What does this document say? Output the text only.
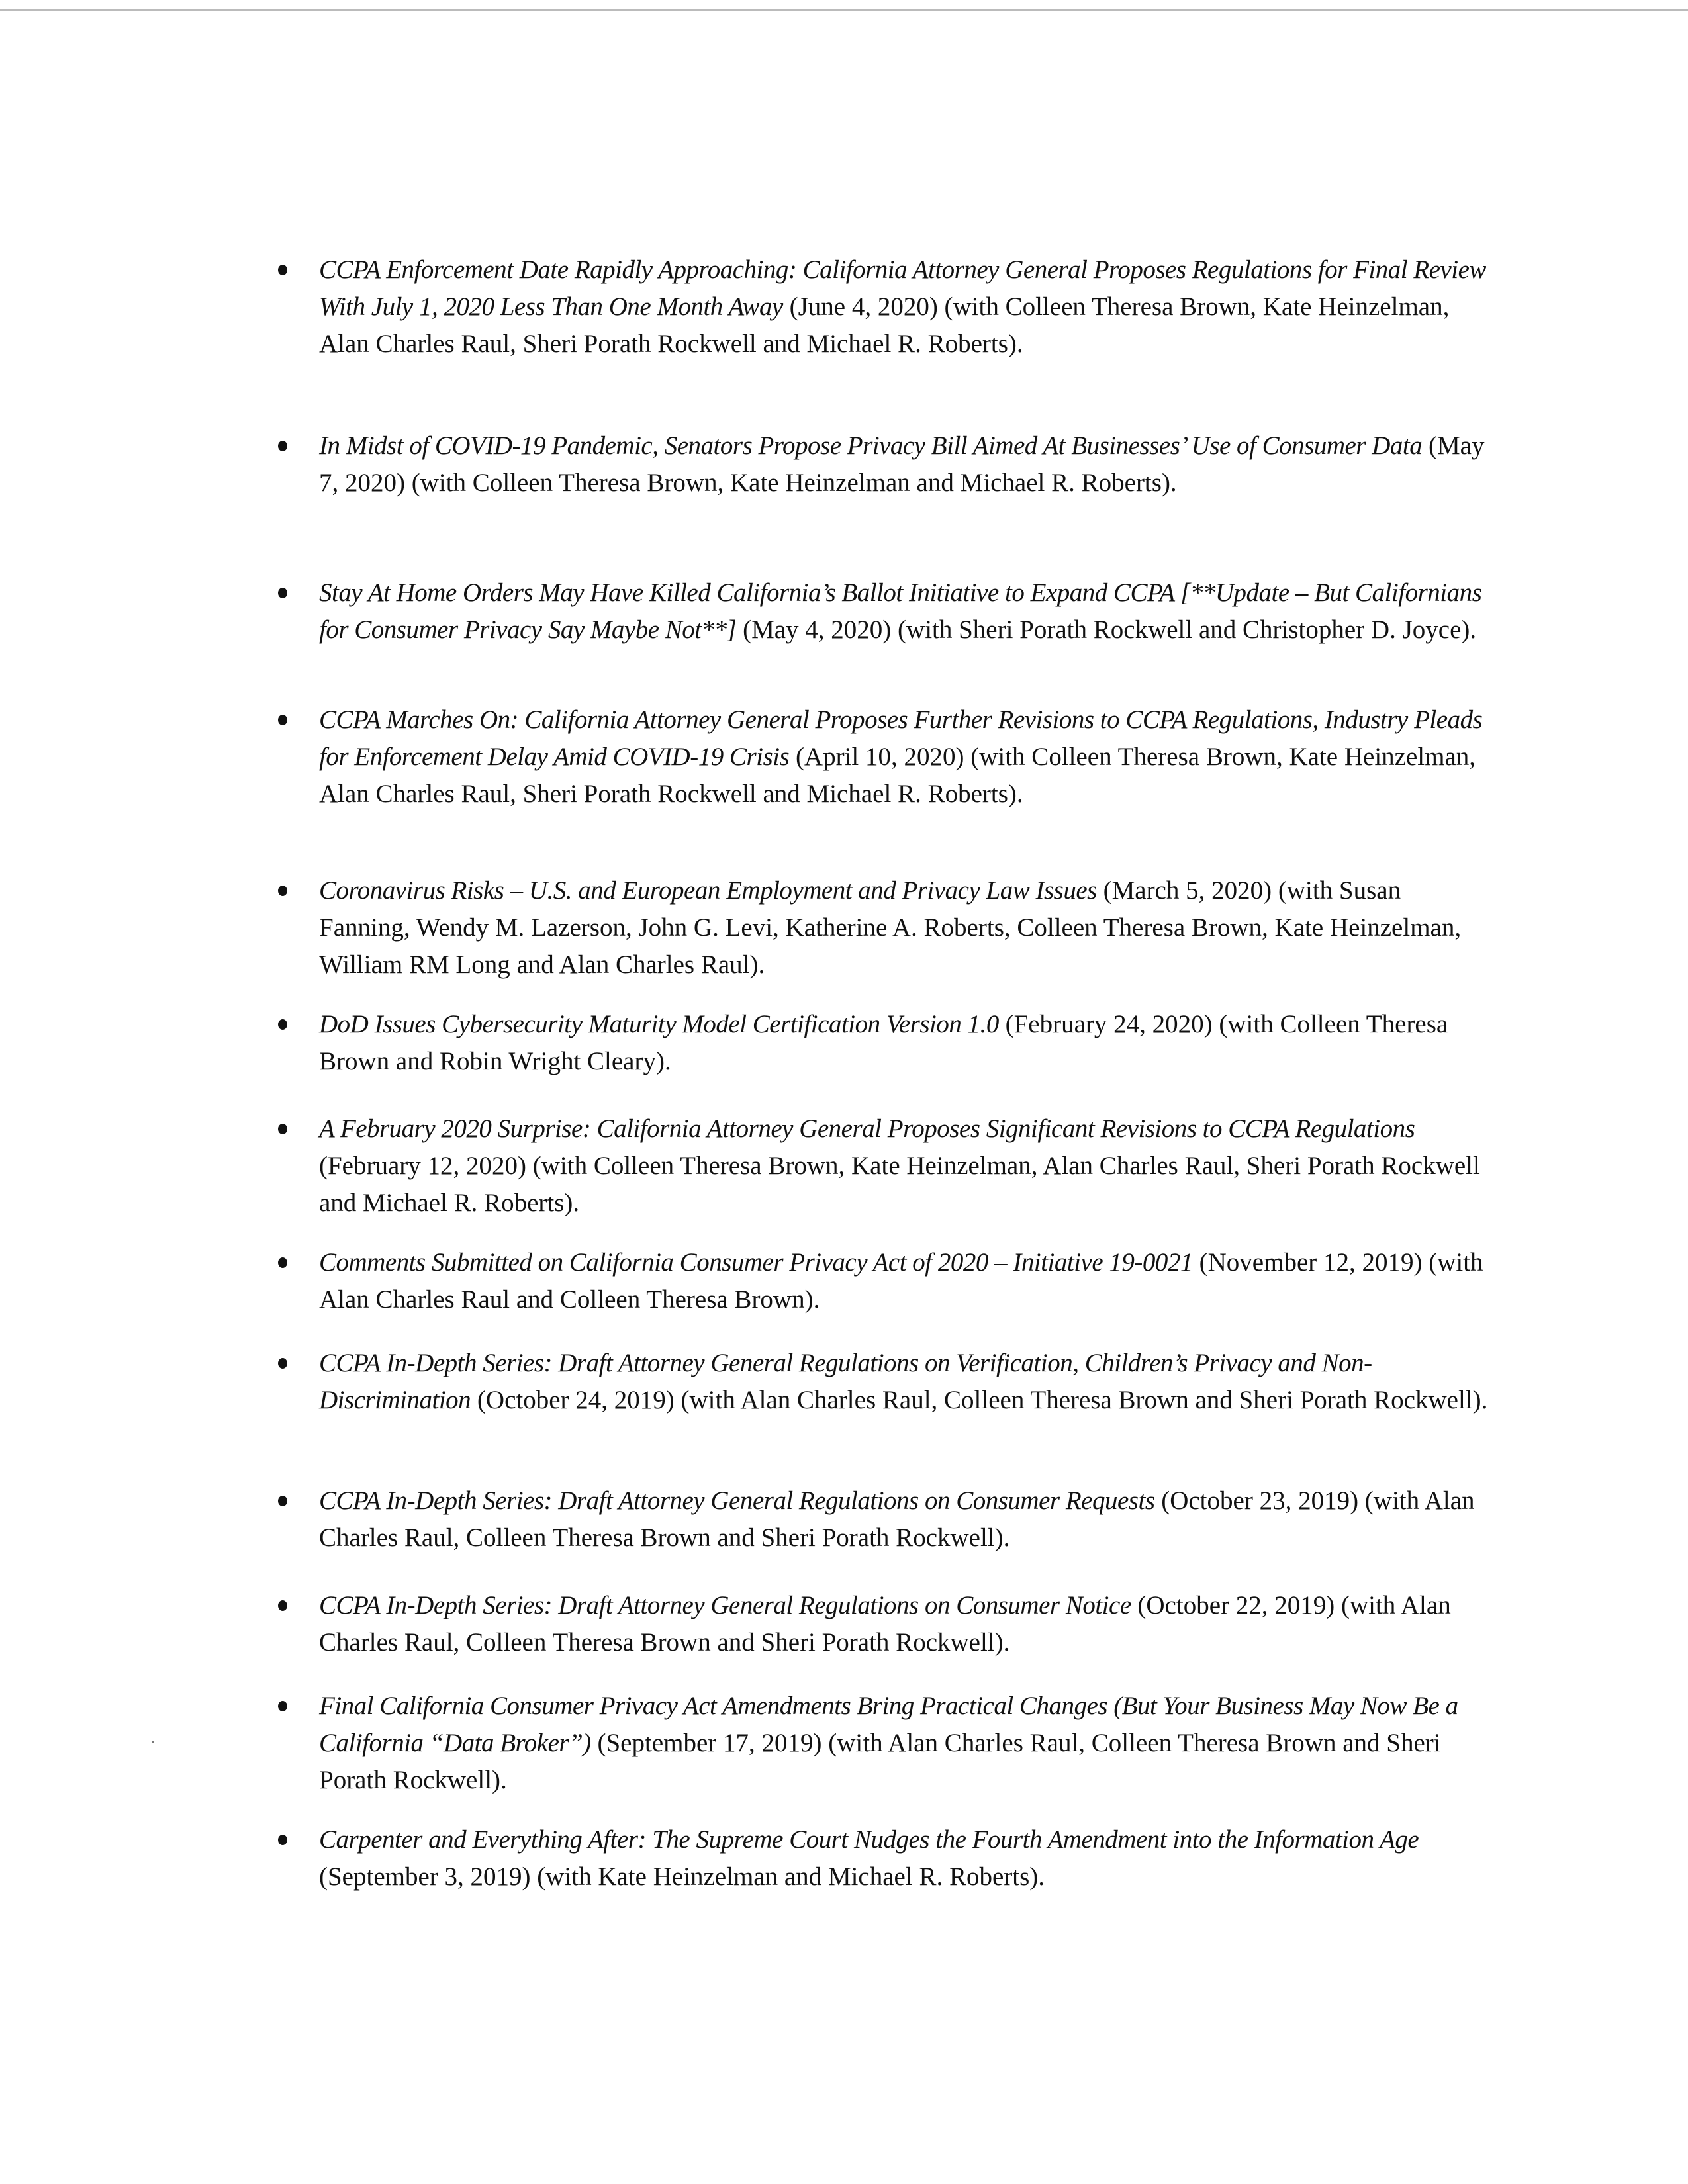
CCPA Enforcement Date Rapidly Approaching: California Attorney General Proposes Regulations for Final Review With July 1, 2020 Less Than One Month Away (June 4, 2020) (with Colleen Theresa Brown, Kate Heinzelman, Alan Charles Raul, Sheri Porath Rockwell and Michael R. Roberts).
In Midst of COVID-19 Pandemic, Senators Propose Privacy Bill Aimed At Businesses’ Use of Consumer Data (May 7, 2020) (with Colleen Theresa Brown, Kate Heinzelman and Michael R. Roberts).
Stay At Home Orders May Have Killed California’s Ballot Initiative to Expand CCPA [**Update – But Californians for Consumer Privacy Say Maybe Not**] (May 4, 2020) (with Sheri Porath Rockwell and Christopher D. Joyce).
CCPA Marches On: California Attorney General Proposes Further Revisions to CCPA Regulations, Industry Pleads for Enforcement Delay Amid COVID-19 Crisis (April 10, 2020) (with Colleen Theresa Brown, Kate Heinzelman, Alan Charles Raul, Sheri Porath Rockwell and Michael R. Roberts).
Coronavirus Risks – U.S. and European Employment and Privacy Law Issues (March 5, 2020) (with Susan Fanning, Wendy M. Lazerson, John G. Levi, Katherine A. Roberts, Colleen Theresa Brown, Kate Heinzelman, William RM Long and Alan Charles Raul).
DoD Issues Cybersecurity Maturity Model Certification Version 1.0 (February 24, 2020) (with Colleen Theresa Brown and Robin Wright Cleary).
A February 2020 Surprise: California Attorney General Proposes Significant Revisions to CCPA Regulations (February 12, 2020) (with Colleen Theresa Brown, Kate Heinzelman, Alan Charles Raul, Sheri Porath Rockwell and Michael R. Roberts).
Comments Submitted on California Consumer Privacy Act of 2020 – Initiative 19-0021 (November 12, 2019) (with Alan Charles Raul and Colleen Theresa Brown).
CCPA In-Depth Series: Draft Attorney General Regulations on Verification, Children’s Privacy and Non-Discrimination (October 24, 2019) (with Alan Charles Raul, Colleen Theresa Brown and Sheri Porath Rockwell).
CCPA In-Depth Series: Draft Attorney General Regulations on Consumer Requests (October 23, 2019) (with Alan Charles Raul, Colleen Theresa Brown and Sheri Porath Rockwell).
CCPA In-Depth Series: Draft Attorney General Regulations on Consumer Notice (October 22, 2019) (with Alan Charles Raul, Colleen Theresa Brown and Sheri Porath Rockwell).
Final California Consumer Privacy Act Amendments Bring Practical Changes (But Your Business May Now Be a California “Data Broker”) (September 17, 2019) (with Alan Charles Raul, Colleen Theresa Brown and Sheri Porath Rockwell).
Carpenter and Everything After: The Supreme Court Nudges the Fourth Amendment into the Information Age (September 3, 2019) (with Kate Heinzelman and Michael R. Roberts).
